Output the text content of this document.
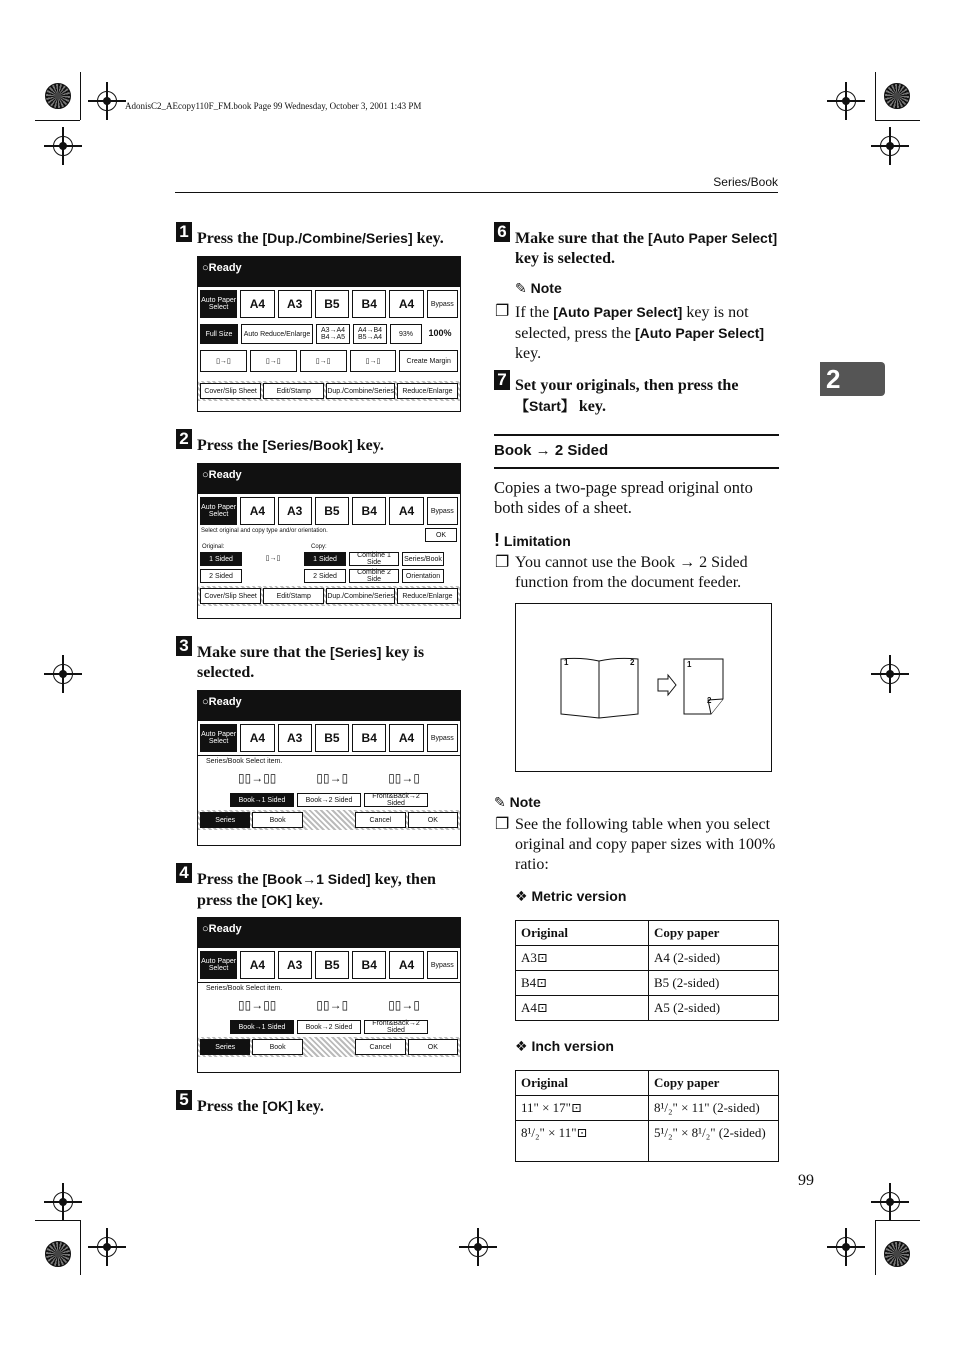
AdonisC2_AEcopy110F_FM.book Page 99 Wednesday, October 3, 2001 1:43 PM
Series/Book
2
99
1 Press the [Dup./Combine/Series] key.
○Ready
Auto Paper Select	A4	A3	B5	B4	A4	Bypass
Full Size	Auto Reduce/Enlarge	A3→A4 B4→A5
A4→B4 B5→A4	93%	100%
▯→▯	▯→▯	▯→▯	▯→▯	Create Margin
Cover/Slip Sheet	Edit/Stamp	Dup./Combine/Series	Reduce/Enlarge
2 Press the [Series/Book] key.
○Ready
Auto Paper Select	A4	A3	B5	B4	A4	Bypass
Select original and copy type and/or orientation.
OK
Original:	Copy:
1 Sided	▯→▯	1 Sided	Combine 1 Side	Series/Book
2 Sided	2 Sided	Combine 2 Side	Orientation
Cover/Slip Sheet	Edit/Stamp	Dup./Combine/Series	Reduce/Enlarge
3 Make sure that the [Series] key is selected.
○Ready
Auto Paper Select	A4	A3	B5	B4	A4	Bypass
Series/Book Select item.
▯▯→▯▯	▯▯→▯	▯▯→▯
Book→1 Sided	Book→2 Sided	Front&Back→2 Sided
Series	Book	Cancel	OK
4 Press the [Book→1 Sided] key, then press the [OK] key.
○Ready
Auto Paper Select	A4	A3	B5	B4	A4	Bypass
Series/Book Select item.
▯▯→▯▯	▯▯→▯	▯▯→▯
Book→1 Sided	Book→2 Sided	Front&Back→2 Sided
Series	Book	Cancel	OK
5 Press the [OK] key.
6 Make sure that the [Auto Paper Select] key is selected.
✎ Note
❐ If the [Auto Paper Select] key is not selected, press the [Auto Paper Select] key.
7 Set your originals, then press the 【Start】 key.
Book → 2 Sided
Copies a two-page spread original onto both sides of a sheet.
! Limitation
❐ You cannot use the Book → 2 Sided function from the document feeder.
1	2	1
2
✎ Note
❐ See the following table when you select original and copy paper sizes with 100% ratio:
❖ Metric version
Original	Copy paper
A3⊡	A4 (2-sided)
B4⊡	B5 (2-sided)
A4⊡	A5 (2-sided)
❖ Inch version
Original	Copy paper
11" × 17"⊡	8¹/₂" × 11" (2-sided)
8¹/₂" × 11"⊡	5¹/₂" × 8¹/₂" (2-sided)
